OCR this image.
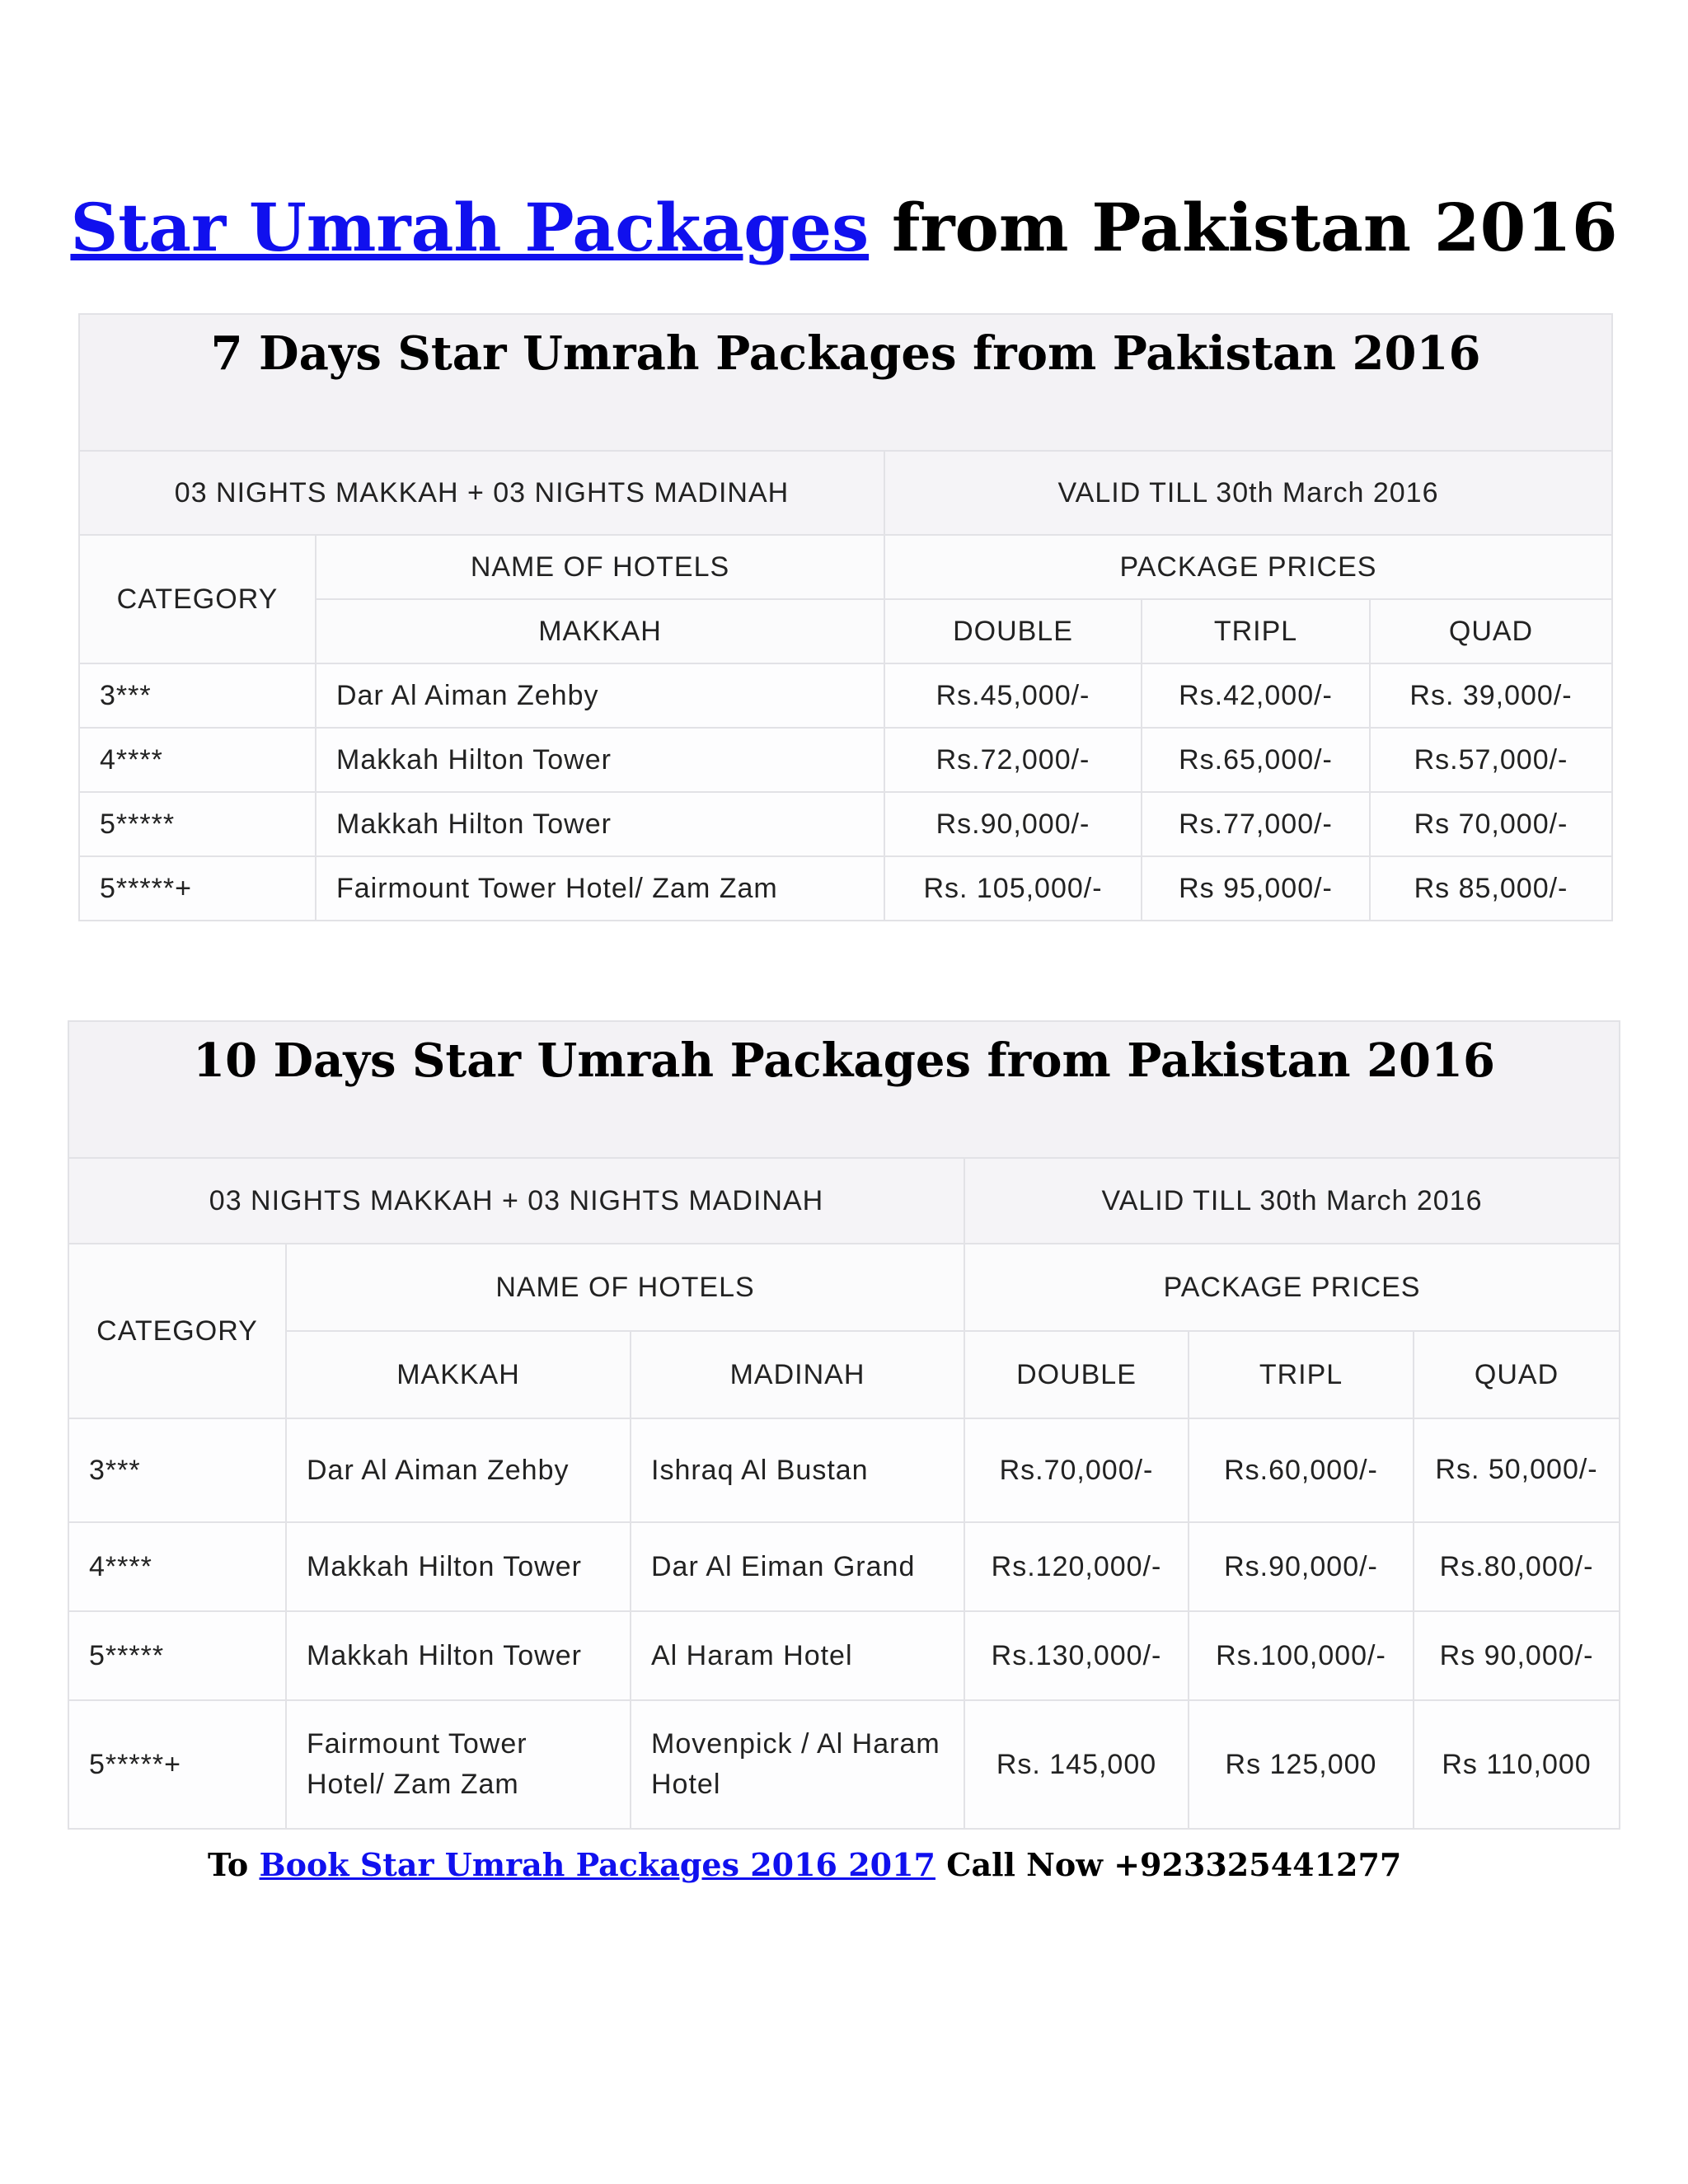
Star Umrah Packages from Pakistan 2016
7 Days Star Umrah Packages from Pakistan 2016				
03 NIGHTS MAKKAH + 03 NIGHTS MADINAH		VALID TILL 30th March 2016		
CATEGORY	NAME OF HOTELS	PACKAGE PRICES		
	MAKKAH	DOUBLE	TRIPL	QUAD
3***	Dar Al Aiman Zehby	Rs.45,000/-	Rs.42,000/-	Rs. 39,000/-
4****	Makkah Hilton Tower	Rs.72,000/-	Rs.65,000/-	Rs.57,000/-
5*****	Makkah Hilton Tower	Rs.90,000/-	Rs.77,000/-	Rs 70,000/-
5*****+	Fairmount Tower Hotel/ Zam Zam	Rs. 105,000/-	Rs 95,000/-	Rs 85,000/-
10 Days Star Umrah Packages from Pakistan 2016					
03 NIGHTS MAKKAH + 03 NIGHTS MADINAH			VALID TILL 30th March 2016		
CATEGORY	NAME OF HOTELS		PACKAGE PRICES		
	MAKKAH	MADINAH	DOUBLE	TRIPL	QUAD
3***	Dar Al Aiman Zehby	Ishraq Al Bustan	Rs.70,000/-	Rs.60,000/-	Rs. 50,000/-
4****	Makkah Hilton Tower	Dar Al Eiman Grand	Rs.120,000/-	Rs.90,000/-	Rs.80,000/-
5*****	Makkah Hilton Tower	Al Haram Hotel	Rs.130,000/-	Rs.100,000/-	Rs 90,000/-
5*****+	Fairmount Tower Hotel/ Zam Zam	Movenpick / Al Haram Hotel	Rs. 145,000	Rs 125,000	Rs 110,000
To Book Star Umrah Packages 2016 2017 Call Now +923325441277
